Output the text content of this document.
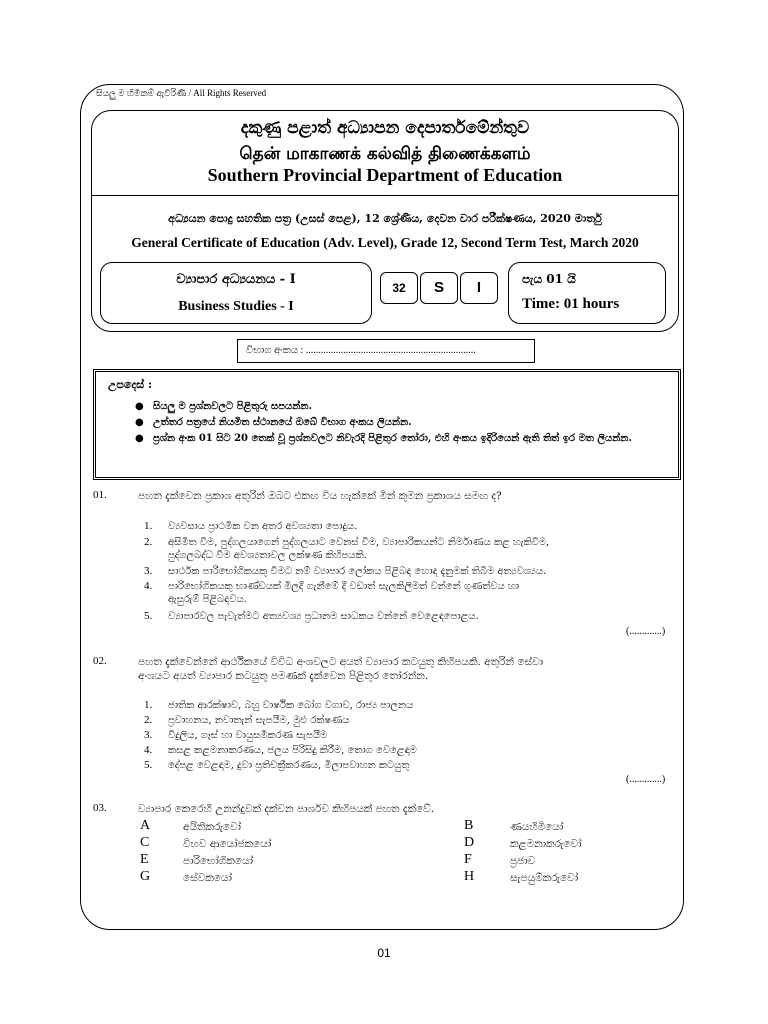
සියලු ම හිමිකම් ඇවිරිණි / All Rights Reserved
දකුණු පළාත් අධ්‍යාපන දෙපාර්තමේන්තුව
தென் மாகாணக் கல்வித் திணைக்களம்
Southern Provincial Department of Education
අධ්‍යයන පොදු සහතික පත්‍ර (උසස් පෙළ), 12 ශ්‍රේණිය, දෙවන වාර පරීක්ෂණය, 2020 මාර්තු
General Certificate of Education (Adv. Level), Grade 12, Second Term Test, March 2020
ව්‍යාපාර අධ්‍යයනය - I
Business Studies - I
32	S	I	පැය 01 යි
Time: 01 hours
විභාග අංකය : ....................................................................
උපදෙස් :
● සියලු ම ප්‍රශ්නවලට පිළිතුරු සපයන්න.
● උත්තර පත්‍රයේ නියමිත ස්ථානයේ ඔබේ විභාග අංකය ලියන්න.
● ප්‍රශ්න අංක 01 සිට 20 තෙක් වූ ප්‍රශ්නවලට නිවැරදි පිළිතුර තෝරා, එහි අංකය ඉදිරියෙන් ඇති තිත් ඉර මත ලියන්න.
01.	පහත දැක්වෙන ප්‍රකාශ අතුරින් ඔබට එකඟ විය හැක්කේ මින් කුමන ප්‍රකාශය සමඟ ද?
1. ව්‍යවසාය ප්‍රාථමික වන අතර අවශ්‍යතා පොදුය.
2. අසීමිත වීම, පුද්ගලයාගෙන් පුද්ගලයාට වෙනස් වීම, ව්‍යාපාරිකයන්ට නිර්මාණය කළ හැකිවීම,
පුද්ගලබද්ධ වීම අවශ්‍යතාවල ලක්ෂණ කිහිපයකි.
3. සාර්ථක පාරිභෝගිකයකු වීමට නම් ව්‍යාපාර ලෝකය පිළිබඳ හොඳ දැනුමක් තිබීම අත්‍යවශ්‍යය.
4. පාරිභෝගිකයකු භාණ්ඩයක් මිලදී ගැනීමේ දී වඩාත් සැලකිලිමත් වන්නේ ගුණත්වය හා
ඇසුරුම් පිළිබඳවය.
5. ව්‍යාපාරවල පැවැත්මට අත්‍යවශ්‍ය ප්‍රධානම සාධකය වන්නේ වෙළෙඳපොළය.
(.............)
02.	පහත දැක්වෙන්නේ ආර්ථිකයේ විවිධ අංශවලට අයත් ව්‍යාපාර කටයුතු කිහිපයකි. අතුරින් සේවා
අංශයට අයත් ව්‍යාපාර කටයුතු පමණක් දැක්වෙන පිළිතුර තෝරන්න.
1. ජාතික ආරක්ෂාව, බහු වාර්ෂික බෝග වගාව, රාජ්‍ය පාලනය
2. ප්‍රවාහනය, නවාතැන් සැපයීම, මුළු රක්ෂණය
3. විදුලිය, ගෑස් හා වායුසමීකරණ සැපයීම
4. කසළ කළමනාකරණය, ජලය පිරිසිදු කිරීම, තොග වෙළෙඳාම
5. දේපළ වෙළඳාම, දුවා ප්‍රතිචක්‍රීකරණය, මිලාපවාහන කටයුතු
(.............)
03.	ව්‍යාපාර කෙරෙහි උනන්දුවක් දක්වන පාර්ශව කිහිපයක් පහත දැක්වේ.
A	අයිතිකරුවෝ	B	ණයහිමියෝ
C	විහව ආයෝජකයෝ	D	කළමනාකරුවෝ
E	පාරිභෝගිකයෝ	F	ප්‍රජාව
G	සේවකයෝ	H	සැපයුම්කරුවෝ
01
